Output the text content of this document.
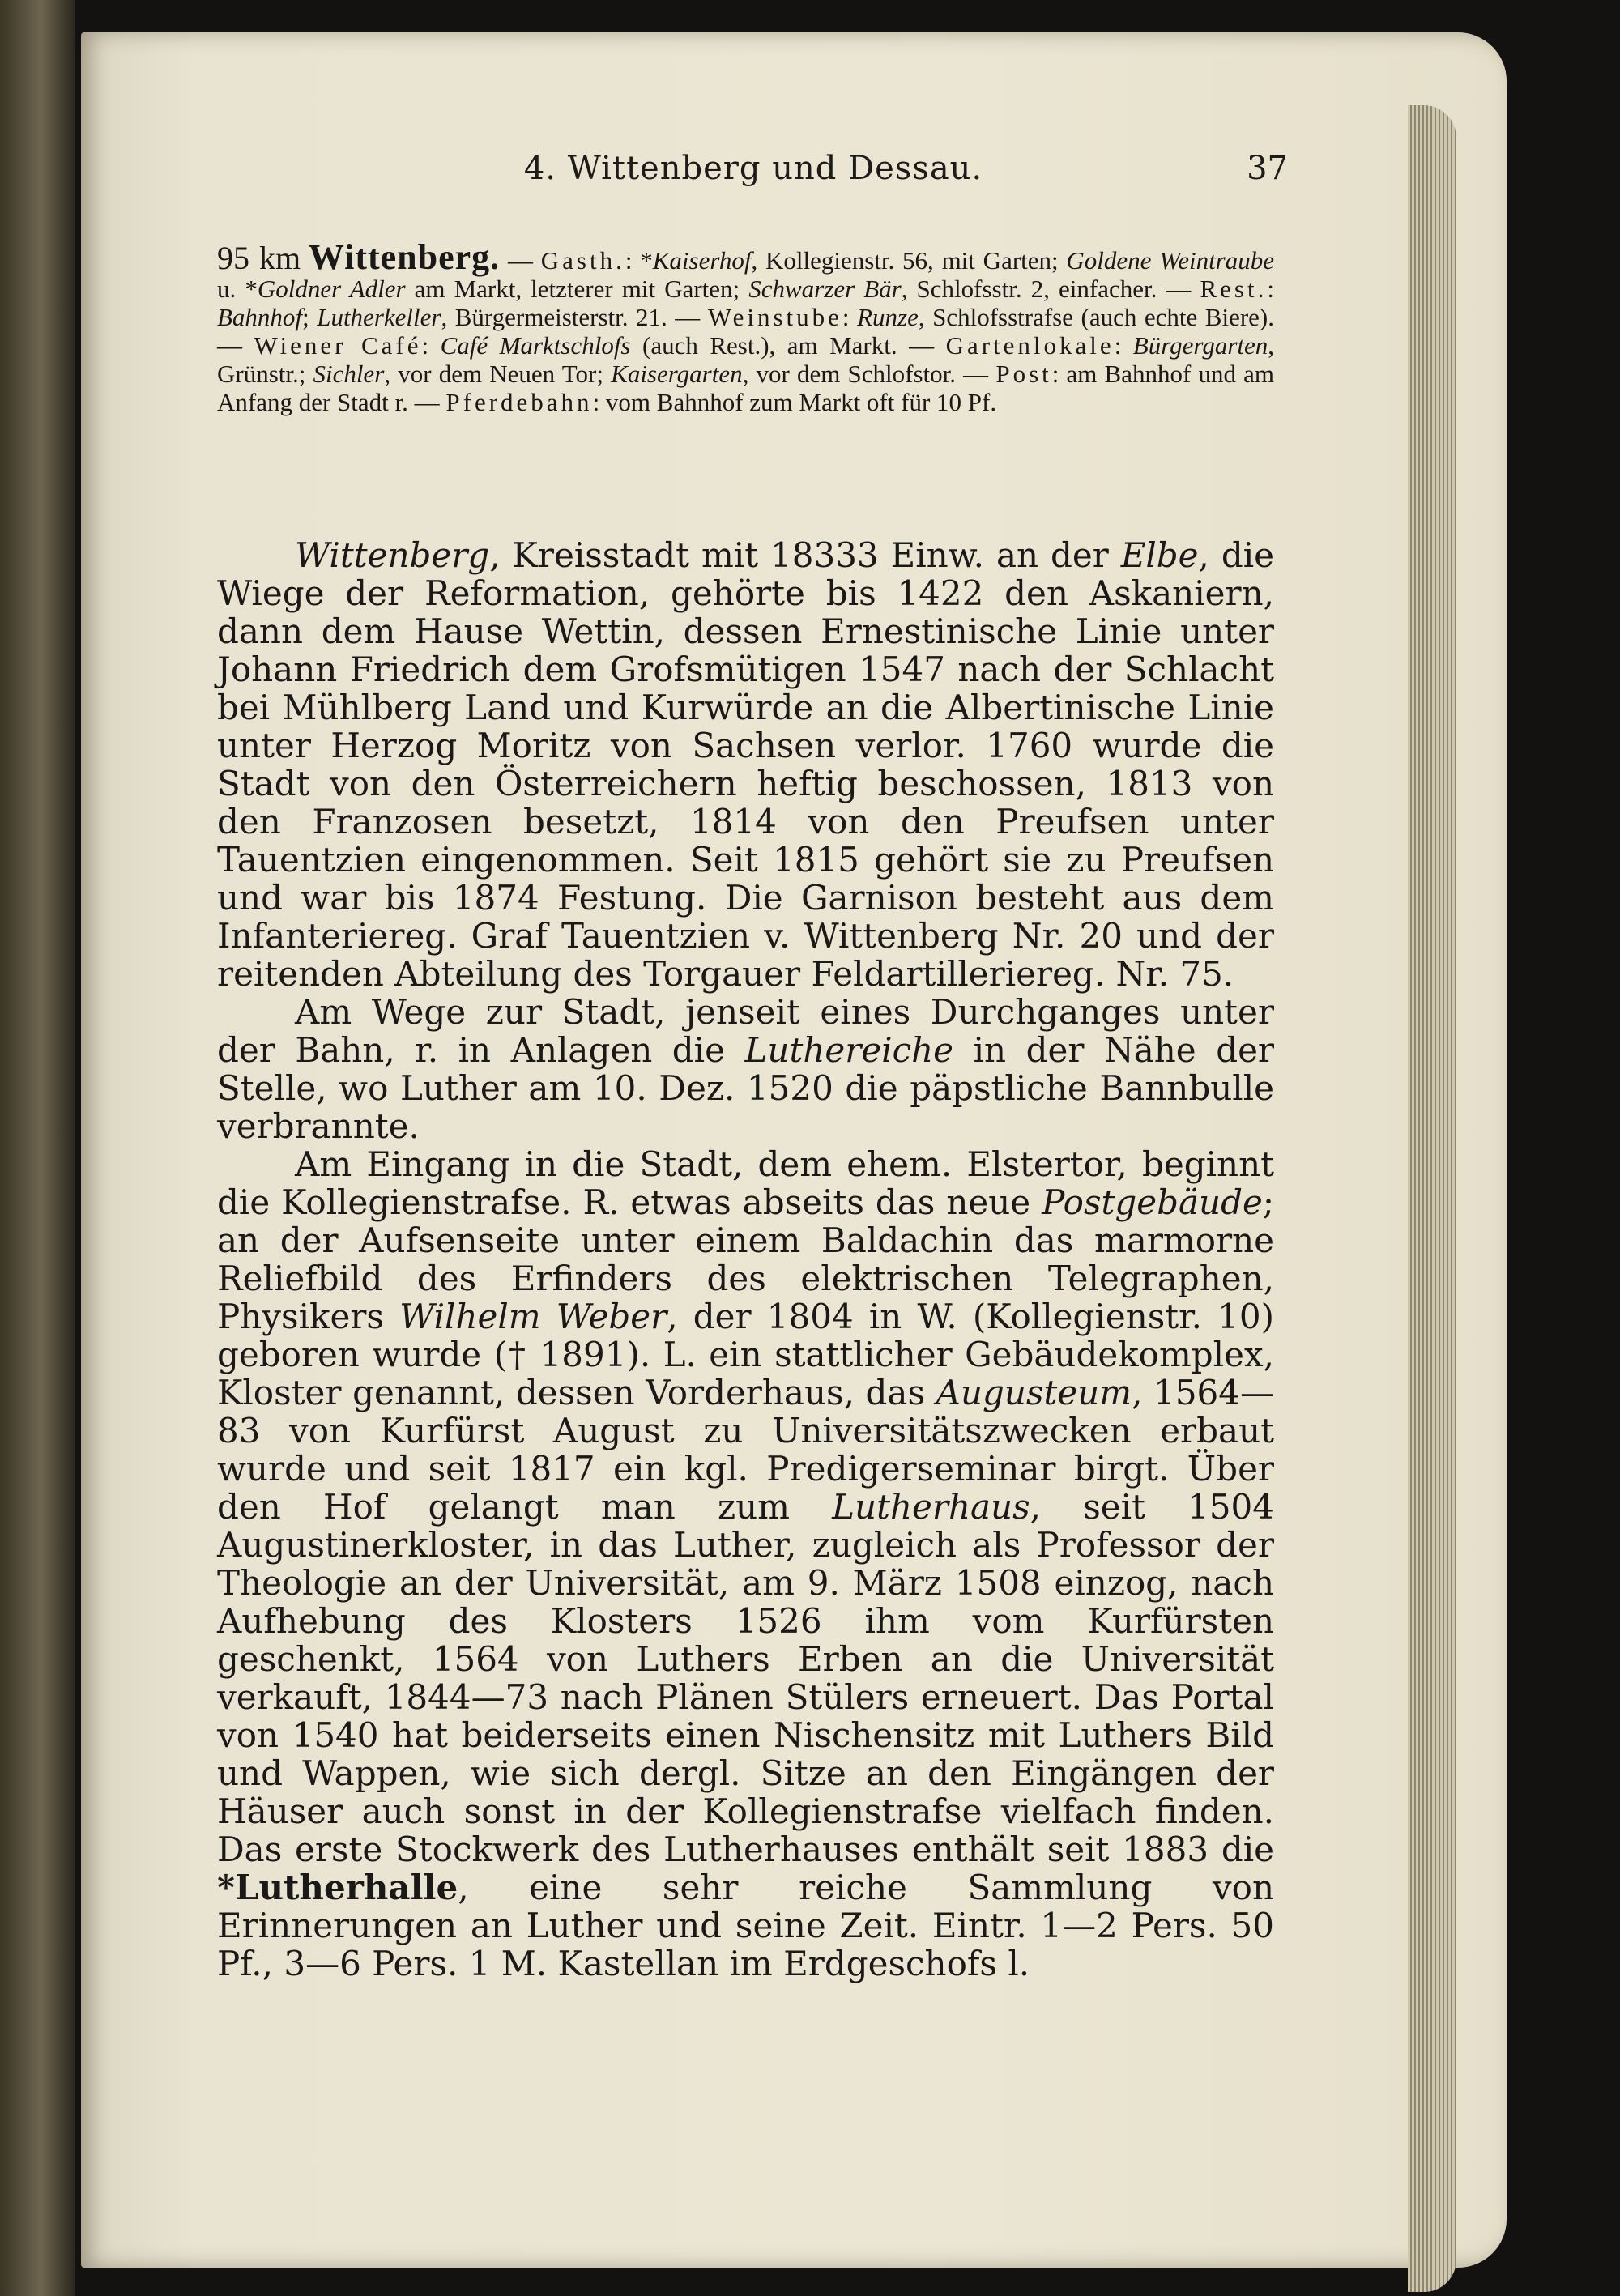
4. Wittenberg und Dessau.	37
95 km Wittenberg. — Gasth.: *Kaiserhof, Kollegienstr. 56, mit Garten; Goldene Weintraube u. *Goldner Adler am Markt, letzterer mit Garten; Schwarzer Bär, Schlofsstr. 2, einfacher. — Rest.: Bahnhof; Lutherkeller, Bürgermeisterstr. 21. — Weinstube: Runze, Schlofsstrafse (auch echte Biere). — Wiener Café: Café Marktschlofs (auch Rest.), am Markt. — Gartenlokale: Bürgergarten, Grünstr.; Sichler, vor dem Neuen Tor; Kaisergarten, vor dem Schlofstor. — Post: am Bahnhof und am Anfang der Stadt r. — Pferdebahn: vom Bahnhof zum Markt oft für 10 Pf.

Wittenberg, Kreisstadt mit 18333 Einw. an der Elbe, die Wiege der Reformation, gehörte bis 1422 den Askaniern, dann dem Hause Wettin, dessen Ernestinische Linie unter Johann Friedrich dem Grofsmütigen 1547 nach der Schlacht bei Mühlberg Land und Kurwürde an die Albertinische Linie unter Herzog Moritz von Sachsen verlor. 1760 wurde die Stadt von den Österreichern heftig beschossen, 1813 von den Franzosen besetzt, 1814 von den Preufsen unter Tauentzien eingenommen. Seit 1815 gehört sie zu Preufsen und war bis 1874 Festung. Die Garnison besteht aus dem Infanteriereg. Graf Tauentzien v. Wittenberg Nr. 20 und der reitenden Abteilung des Torgauer Feldartilleriereg. Nr. 75.

Am Wege zur Stadt, jenseit eines Durchganges unter der Bahn, r. in Anlagen die Luthereiche in der Nähe der Stelle, wo Luther am 10. Dez. 1520 die päpstliche Bannbulle verbrannte.

Am Eingang in die Stadt, dem ehem. Elstertor, beginnt die Kollegienstrafse. R. etwas abseits das neue Postgebäude; an der Aufsenseite unter einem Baldachin das marmorne Reliefbild des Erfinders des elektrischen Telegraphen, Physikers Wilhelm Weber, der 1804 in W. (Kollegienstr. 10) geboren wurde († 1891). L. ein stattlicher Gebäudekomplex, Kloster genannt, dessen Vorderhaus, das Augusteum, 1564—83 von Kurfürst August zu Universitätszwecken erbaut wurde und seit 1817 ein kgl. Predigerseminar birgt. Über den Hof gelangt man zum Lutherhaus, seit 1504 Augustinerkloster, in das Luther, zugleich als Professor der Theologie an der Universität, am 9. März 1508 einzog, nach Aufhebung des Klosters 1526 ihm vom Kurfürsten geschenkt, 1564 von Luthers Erben an die Universität verkauft, 1844—73 nach Plänen Stülers erneuert. Das Portal von 1540 hat beiderseits einen Nischensitz mit Luthers Bild und Wappen, wie sich dergl. Sitze an den Eingängen der Häuser auch sonst in der Kollegienstrafse vielfach finden. Das erste Stockwerk des Lutherhauses enthält seit 1883 die *Lutherhalle, eine sehr reiche Sammlung von Erinnerungen an Luther und seine Zeit. Eintr. 1—2 Pers. 50 Pf., 3—6 Pers. 1 M. Kastellan im Erdgeschofs l.
